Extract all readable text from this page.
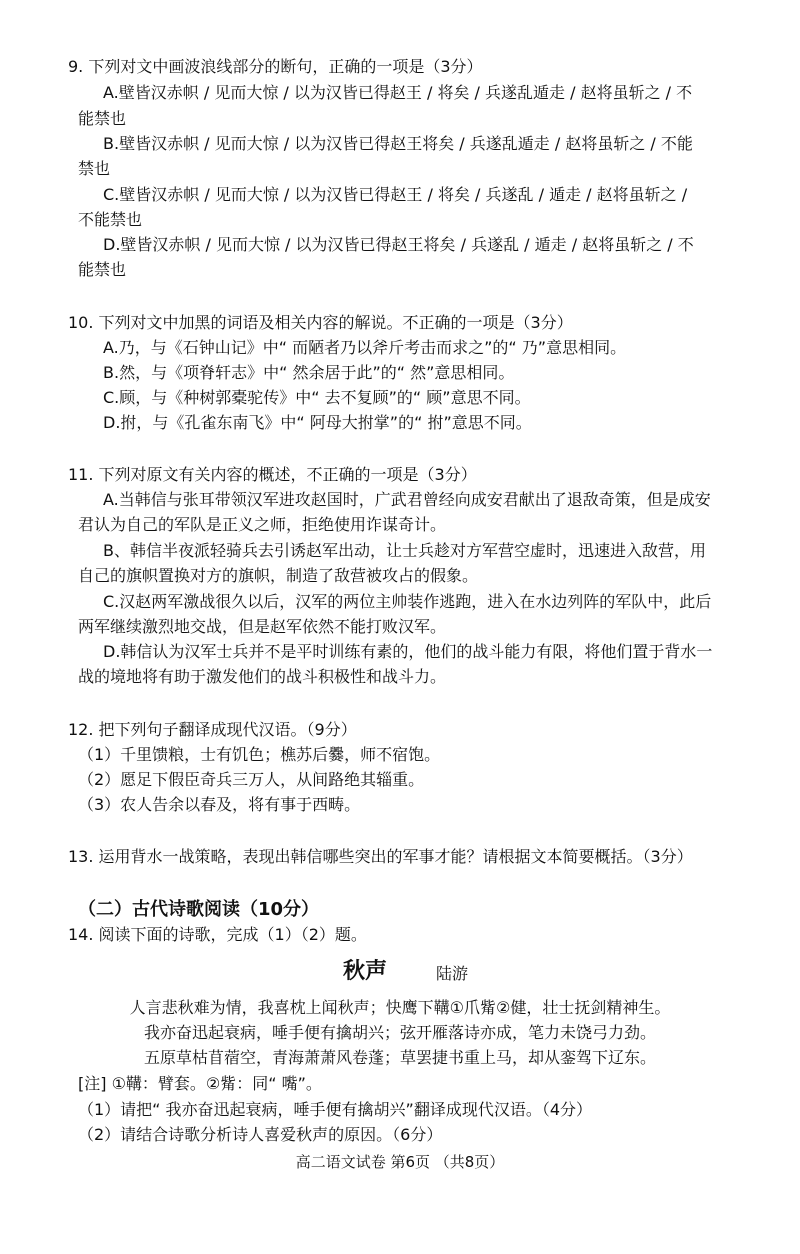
9. 下列对文中画波浪线部分的断句，正确的一项是（3分）
A.壁皆汉赤帜 / 见而大惊 / 以为汉皆已得赵王 / 将矣 / 兵遂乱遁走 / 赵将虽斩之 / 不
能禁也
B.壁皆汉赤帜 / 见而大惊 / 以为汉皆已得赵王将矣 / 兵遂乱遁走 / 赵将虽斩之 / 不能
禁也
C.壁皆汉赤帜 / 见而大惊 / 以为汉皆已得赵王 / 将矣 / 兵遂乱 / 遁走 / 赵将虽斩之 /
不能禁也
D.壁皆汉赤帜 / 见而大惊 / 以为汉皆已得赵王将矣 / 兵遂乱 / 遁走 / 赵将虽斩之 / 不
能禁也
10. 下列对文中加黑的词语及相关内容的解说。不正确的一项是（3分）
A.乃，与《石钟山记》中“ 而陋者乃以斧斤考击而求之”的“ 乃”意思相同。
B.然，与《项脊轩志》中“ 然余居于此”的“ 然”意思相同。
C.顾，与《种树郭橐驼传》中“ 去不复顾”的“ 顾”意思不同。
D.拊，与《孔雀东南飞》中“ 阿母大拊掌”的“ 拊”意思不同。
11. 下列对原文有关内容的概述，不正确的一项是（3分）
A.当韩信与张耳带领汉军进攻赵国时，广武君曾经向成安君献出了退敌奇策，但是成安
君认为自己的军队是正义之师，拒绝使用诈谋奇计。
B、韩信半夜派轻骑兵去引诱赵军出动，让士兵趁对方军营空虚时，迅速进入敌营，用
自己的旗帜置换对方的旗帜，制造了敌营被攻占的假象。
C.汉赵两军激战很久以后，汉军的两位主帅装作逃跑，进入在水边列阵的军队中，此后
两军继续激烈地交战，但是赵军依然不能打败汉军。
D.韩信认为汉军士兵并不是平时训练有素的，他们的战斗能力有限，将他们置于背水一
战的境地将有助于激发他们的战斗积极性和战斗力。
12. 把下列句子翻译成现代汉语。（9分）
（1）千里馈粮，士有饥色；樵苏后爨，师不宿饱。
（2）愿足下假臣奇兵三万人，从间路绝其辎重。
（3）农人告余以春及，将有事于西畴。
13. 运用背水一战策略，表现出韩信哪些突出的军事才能？请根据文本简要概括。（3分）
（二）古代诗歌阅读（10分）
14. 阅读下面的诗歌，完成（1）（2）题。
秋声	陆游
人言悲秋难为情，我喜枕上闻秋声；快鹰下鞲①爪觜②健，壮士抚剑精神生。
我亦奋迅起衰病，唾手便有擒胡兴；弦开雁落诗亦成，笔力未饶弓力劲。
五原草枯苜蓿空，青海萧萧风卷蓬；草罢捷书重上马，却从銮驾下辽东。
[注] ①鞲：臂套。②觜：同“ 嘴”。
（1）请把“ 我亦奋迅起衰病，唾手便有擒胡兴”翻译成现代汉语。（4分）
（2）请结合诗歌分析诗人喜爱秋声的原因。（6分）
高二语文试卷 第6页 （共8页）
